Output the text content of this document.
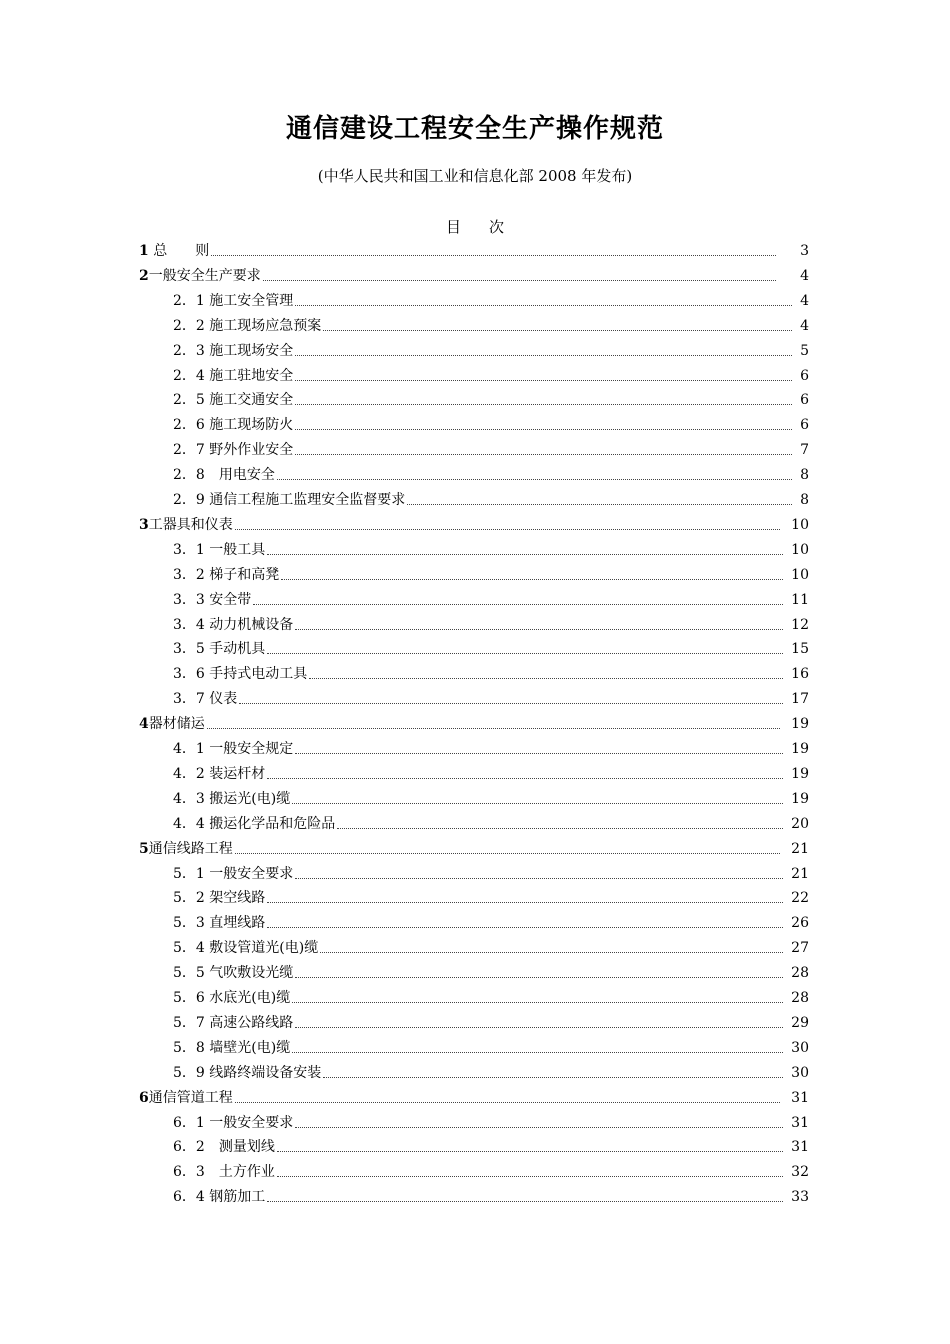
通信建设工程安全生产操作规范
(中华人民共和国工业和信息化部 2008 年发布)
目次
1 总　　则	3
2一般安全生产要求	4
2．1 施工安全管理	4
2．2 施工现场应急预案	4
2．3 施工现场安全	5
2．4 施工驻地安全	6
2．5 施工交通安全	6
2．6 施工现场防火	6
2．7 野外作业安全	7
2．8　用电安全	8
2．9 通信工程施工监理安全监督要求	8
3工器具和仪表	10
3．1 一般工具	10
3．2 梯子和高凳	10
3．3 安全带	11
3．4 动力机械设备	12
3．5 手动机具	15
3．6 手持式电动工具	16
3．7 仪表	17
4器材储运	19
4．1 一般安全规定	19
4．2 装运杆材	19
4．3 搬运光(电)缆	19
4．4 搬运化学品和危险品	20
5通信线路工程	21
5．1 一般安全要求	21
5．2 架空线路	22
5．3 直埋线路	26
5．4 敷设管道光(电)缆	27
5．5 气吹敷设光缆	28
5．6 水底光(电)缆	28
5．7 高速公路线路	29
5．8 墙壁光(电)缆	30
5．9 线路终端设备安装	30
6通信管道工程	31
6．1 一般安全要求	31
6．2　测量划线	31
6．3　土方作业	32
6．4 钢筋加工	33
